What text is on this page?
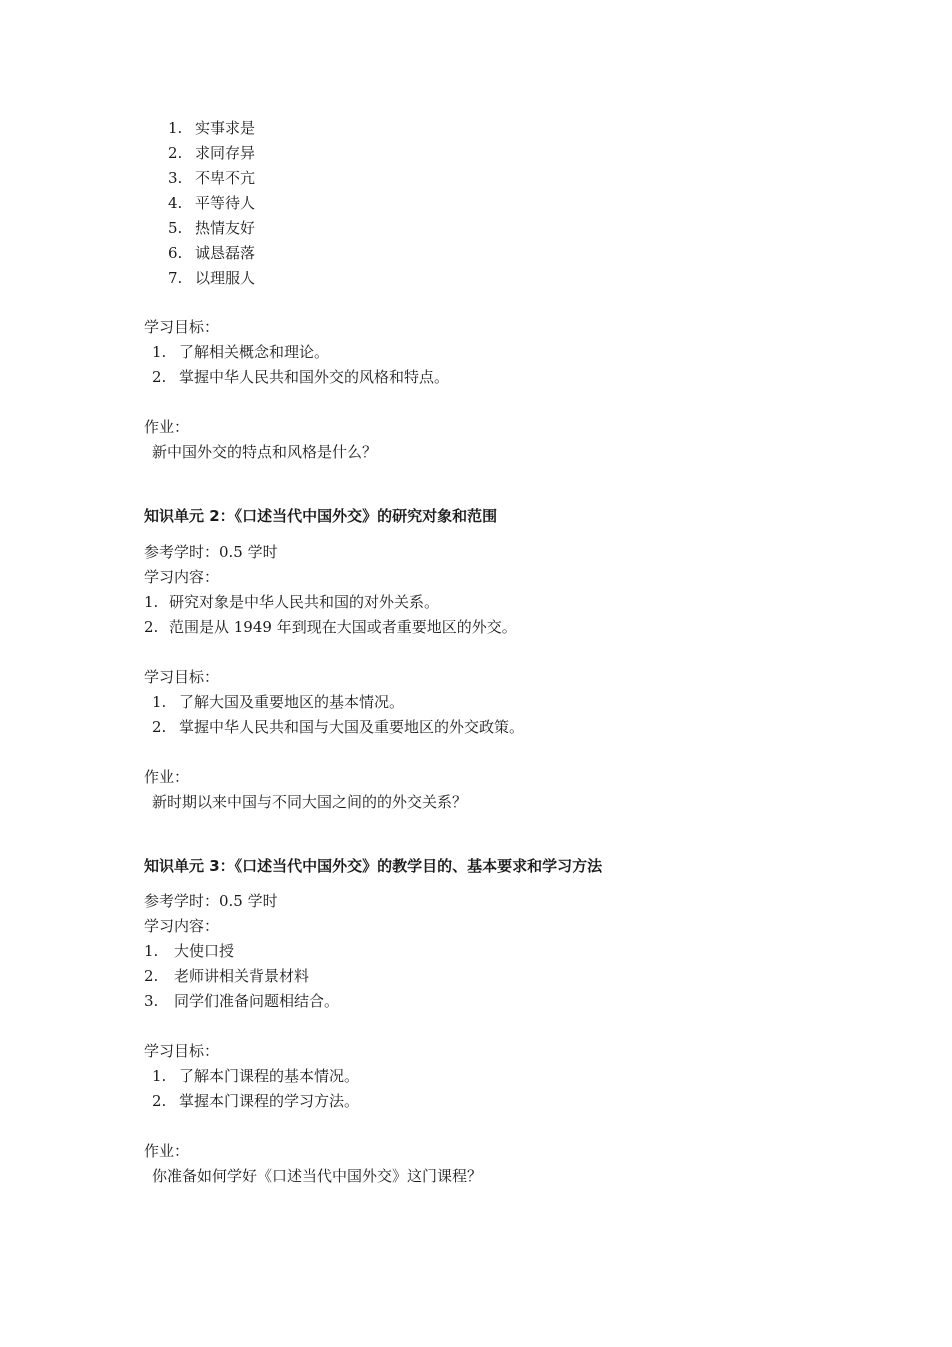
1. 实事求是
2. 求同存异
3. 不卑不亢
4. 平等待人
5. 热情友好
6. 诚恳磊落
7. 以理服人
学习目标：
1. 了解相关概念和理论。
2. 掌握中华人民共和国外交的风格和特点。
作业：
新中国外交的特点和风格是什么？
知识单元 2：《口述当代中国外交》的研究对象和范围
参考学时：0.5 学时
学习内容：
1. 研究对象是中华人民共和国的对外关系。
2. 范围是从 1949 年到现在大国或者重要地区的外交。
学习目标：
1. 了解大国及重要地区的基本情况。
2. 掌握中华人民共和国与大国及重要地区的外交政策。
作业：
新时期以来中国与不同大国之间的的外交关系？
知识单元 3：《口述当代中国外交》的教学目的、基本要求和学习方法
参考学时：0.5 学时
学习内容：
1. 大使口授
2. 老师讲相关背景材料
3. 同学们准备问题相结合。
学习目标：
1. 了解本门课程的基本情况。
2. 掌握本门课程的学习方法。
作业：
你准备如何学好《口述当代中国外交》这门课程？
